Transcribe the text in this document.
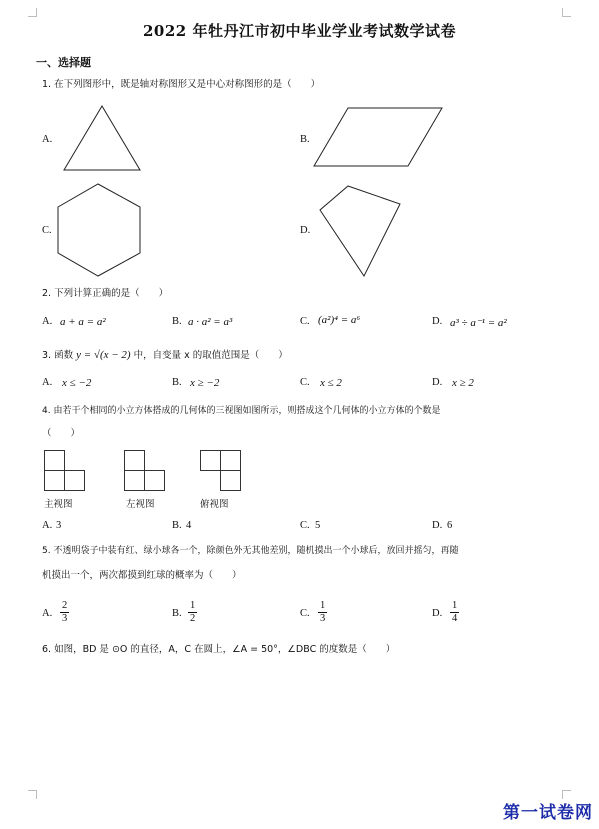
2022 年牡丹江市初中毕业学业考试数学试卷
一、选择题
1. 在下列图形中，既是轴对称图形又是中心对称图形的是（　　）
A.	B.
C.	D.
2. 下列计算正确的是（　　）
A. a + a = a²	B. a · a² = a³	C. (a²)⁴ = a⁶	D. a³ ÷ a⁻¹ = a²
3. 函数 y = √(x − 2) 中，自变量 x 的取值范围是（　　）
A. x ≤ −2	B. x ≥ −2	C. x ≤ 2	D. x ≥ 2
4. 由若干个相同的小立方体搭成的几何体的三视图如图所示，则搭成这个几何体的小立方体的个数是
（　　）
主视图	左视图	俯视图
A. 3	B. 4	C. 5	D. 6
5. 不透明袋子中装有红、绿小球各一个，除颜色外无其他差别，随机摸出一个小球后，放回并摇匀，再随
机摸出一个，两次都摸到红球的概率为（　　）
A. $\frac{2}{3}$	B. $\frac{1}{2}$	C. $\frac{1}{3}$	D. $\frac{1}{4}$
6. 如图，BD 是 ⊙O 的直径，A，C 在圆上，∠A = 50°，∠DBC 的度数是（　　）
第一试卷网
